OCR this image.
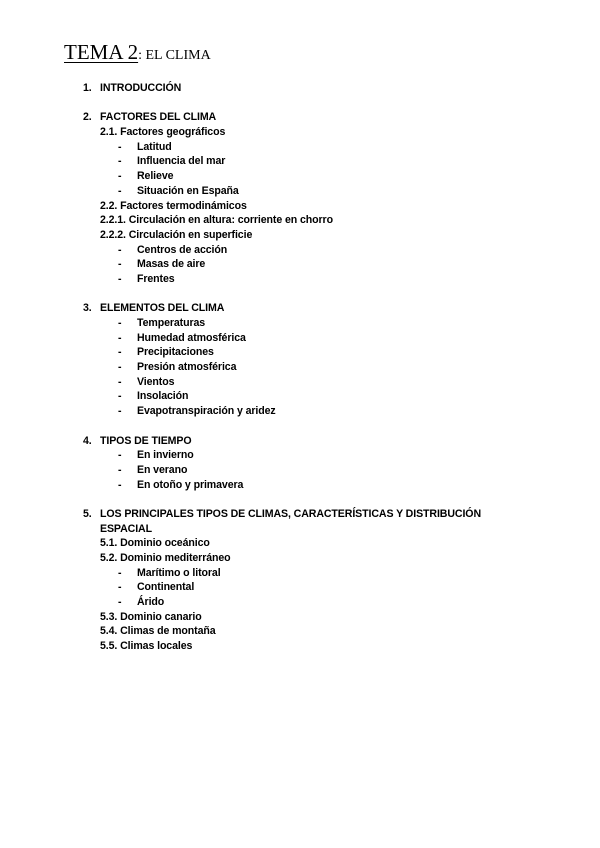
TEMA 2: EL CLIMA
1. INTRODUCCIÓN
2. FACTORES DEL CLIMA
2.1. Factores geográficos
- Latitud
- Influencia del mar
- Relieve
- Situación en España
2.2. Factores termodinámicos
2.2.1. Circulación en altura: corriente en chorro
2.2.2. Circulación en superficie
- Centros de acción
- Masas de aire
- Frentes
3. ELEMENTOS DEL CLIMA
- Temperaturas
- Humedad atmosférica
- Precipitaciones
- Presión atmosférica
- Vientos
- Insolación
- Evapotranspiración y aridez
4. TIPOS DE TIEMPO
- En invierno
- En verano
- En otoño y primavera
5. LOS PRINCIPALES TIPOS DE CLIMAS, CARACTERÍSTICAS Y DISTRIBUCIÓN
ESPACIAL
5.1. Dominio oceánico
5.2. Dominio mediterráneo
- Marítimo o litoral
- Continental
- Árido
5.3. Dominio canario
5.4. Climas de montaña
5.5. Climas locales
